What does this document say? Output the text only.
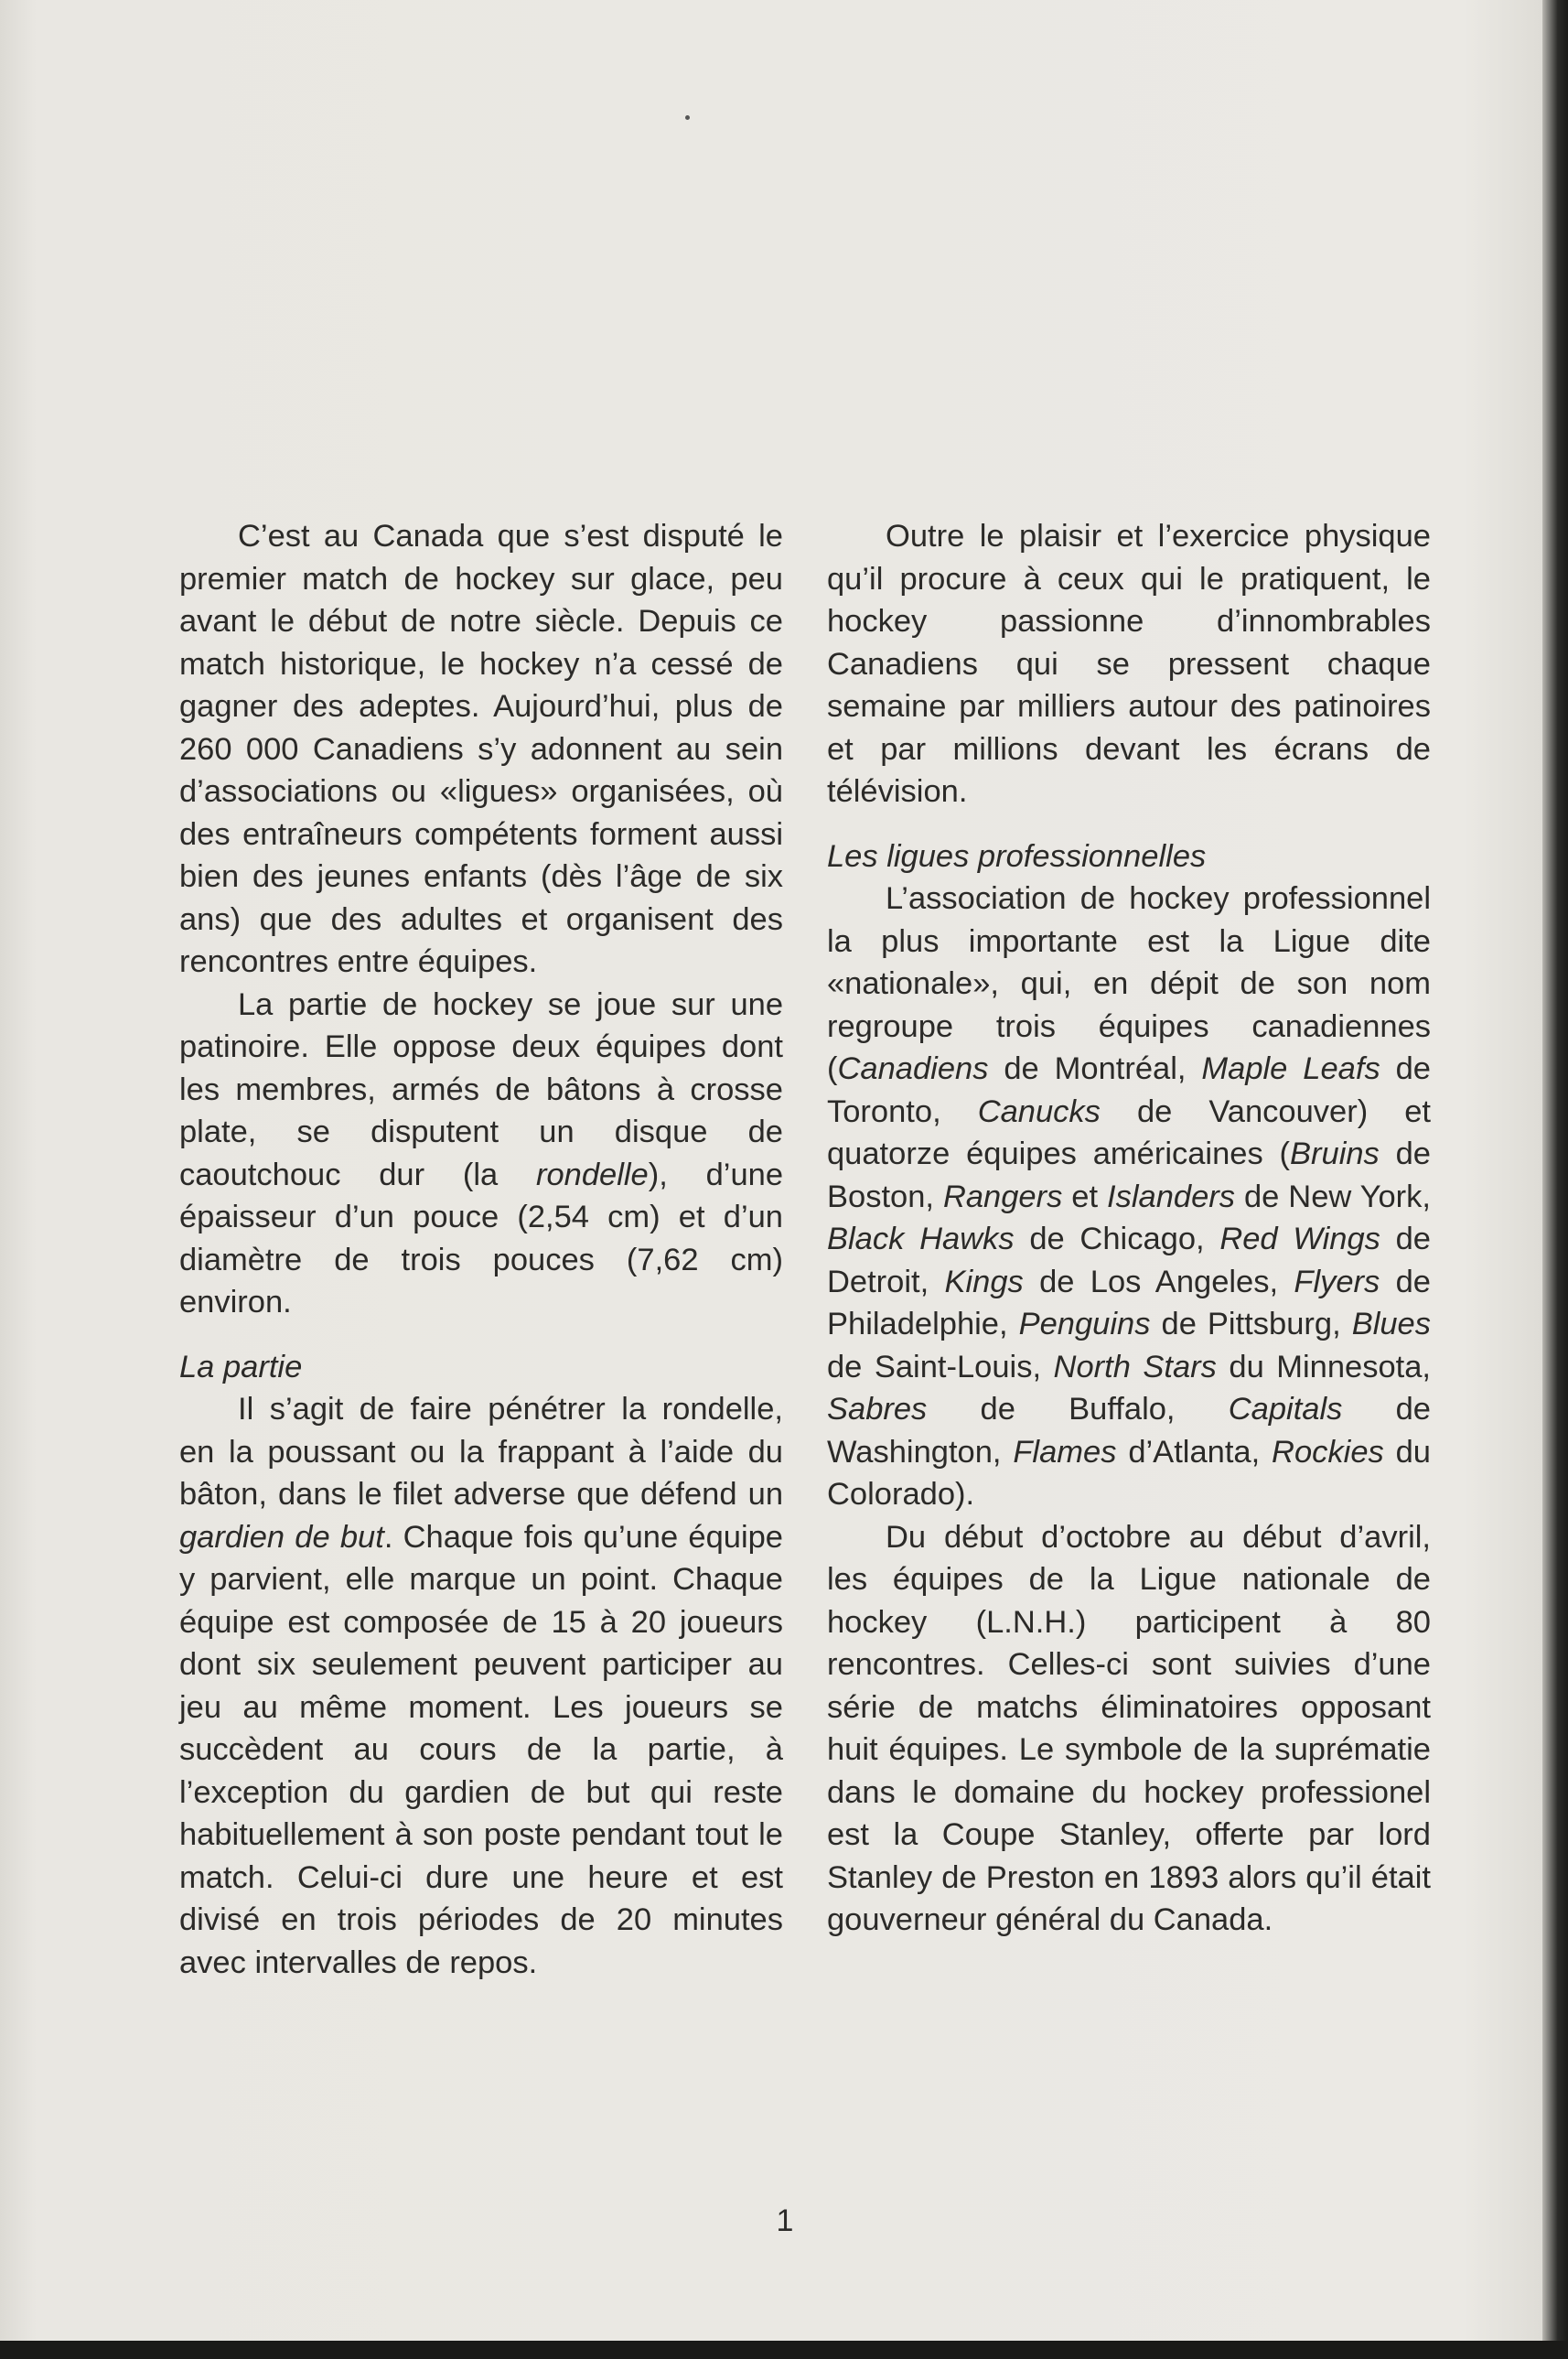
C’est au Canada que s’est disputé le premier match de hockey sur glace, peu avant le début de notre siècle. Depuis ce match historique, le hockey n’a cessé de gagner des adeptes. Aujourd’hui, plus de 260 000 Canadiens s’y adonnent au sein d’associations ou «ligues» organisées, où des entraîneurs compétents forment aussi bien des jeunes enfants (dès l’âge de six ans) que des adultes et organisent des rencontres entre équipes.

La partie de hockey se joue sur une patinoire. Elle oppose deux équipes dont les membres, armés de bâtons à crosse plate, se disputent un disque de caoutchouc dur (la rondelle), d’une épaisseur d’un pouce (2,54 cm) et d’un diamètre de trois pouces (7,62 cm) environ.

La partie

Il s’agit de faire pénétrer la rondelle, en la poussant ou la frappant à l’aide du bâton, dans le filet adverse que défend un gardien de but. Chaque fois qu’une équipe y parvient, elle marque un point. Chaque équipe est composée de 15 à 20 joueurs dont six seulement peuvent participer au jeu au même moment. Les joueurs se succèdent au cours de la partie, à l’exception du gardien de but qui reste habituellement à son poste pendant tout le match. Celui-ci dure une heure et est divisé en trois périodes de 20 minutes avec intervalles de repos.

Outre le plaisir et l’exercice physique qu’il procure à ceux qui le pratiquent, le hockey passionne d’innombrables Canadiens qui se pressent chaque semaine par milliers autour des patinoires et par millions devant les écrans de télévision.

Les ligues professionnelles

L’association de hockey professionnel la plus importante est la Ligue dite «nationale», qui, en dépit de son nom regroupe trois équipes canadiennes (Canadiens de Montréal, Maple Leafs de Toronto, Canucks de Vancouver) et quatorze équipes américaines (Bruins de Boston, Rangers et Islanders de New York, Black Hawks de Chicago, Red Wings de Detroit, Kings de Los Angeles, Flyers de Philadelphie, Penguins de Pittsburg, Blues de Saint-Louis, North Stars du Minnesota, Sabres de Buffalo, Capitals de Washington, Flames d’Atlanta, Rockies du Colorado).

Du début d’octobre au début d’avril, les équipes de la Ligue nationale de hockey (L.N.H.) participent à 80 rencontres. Celles-ci sont suivies d’une série de matchs éliminatoires opposant huit équipes. Le symbole de la suprématie dans le domaine du hockey professionel est la Coupe Stanley, offerte par lord Stanley de Preston en 1893 alors qu’il était gouverneur général du Canada.

1
